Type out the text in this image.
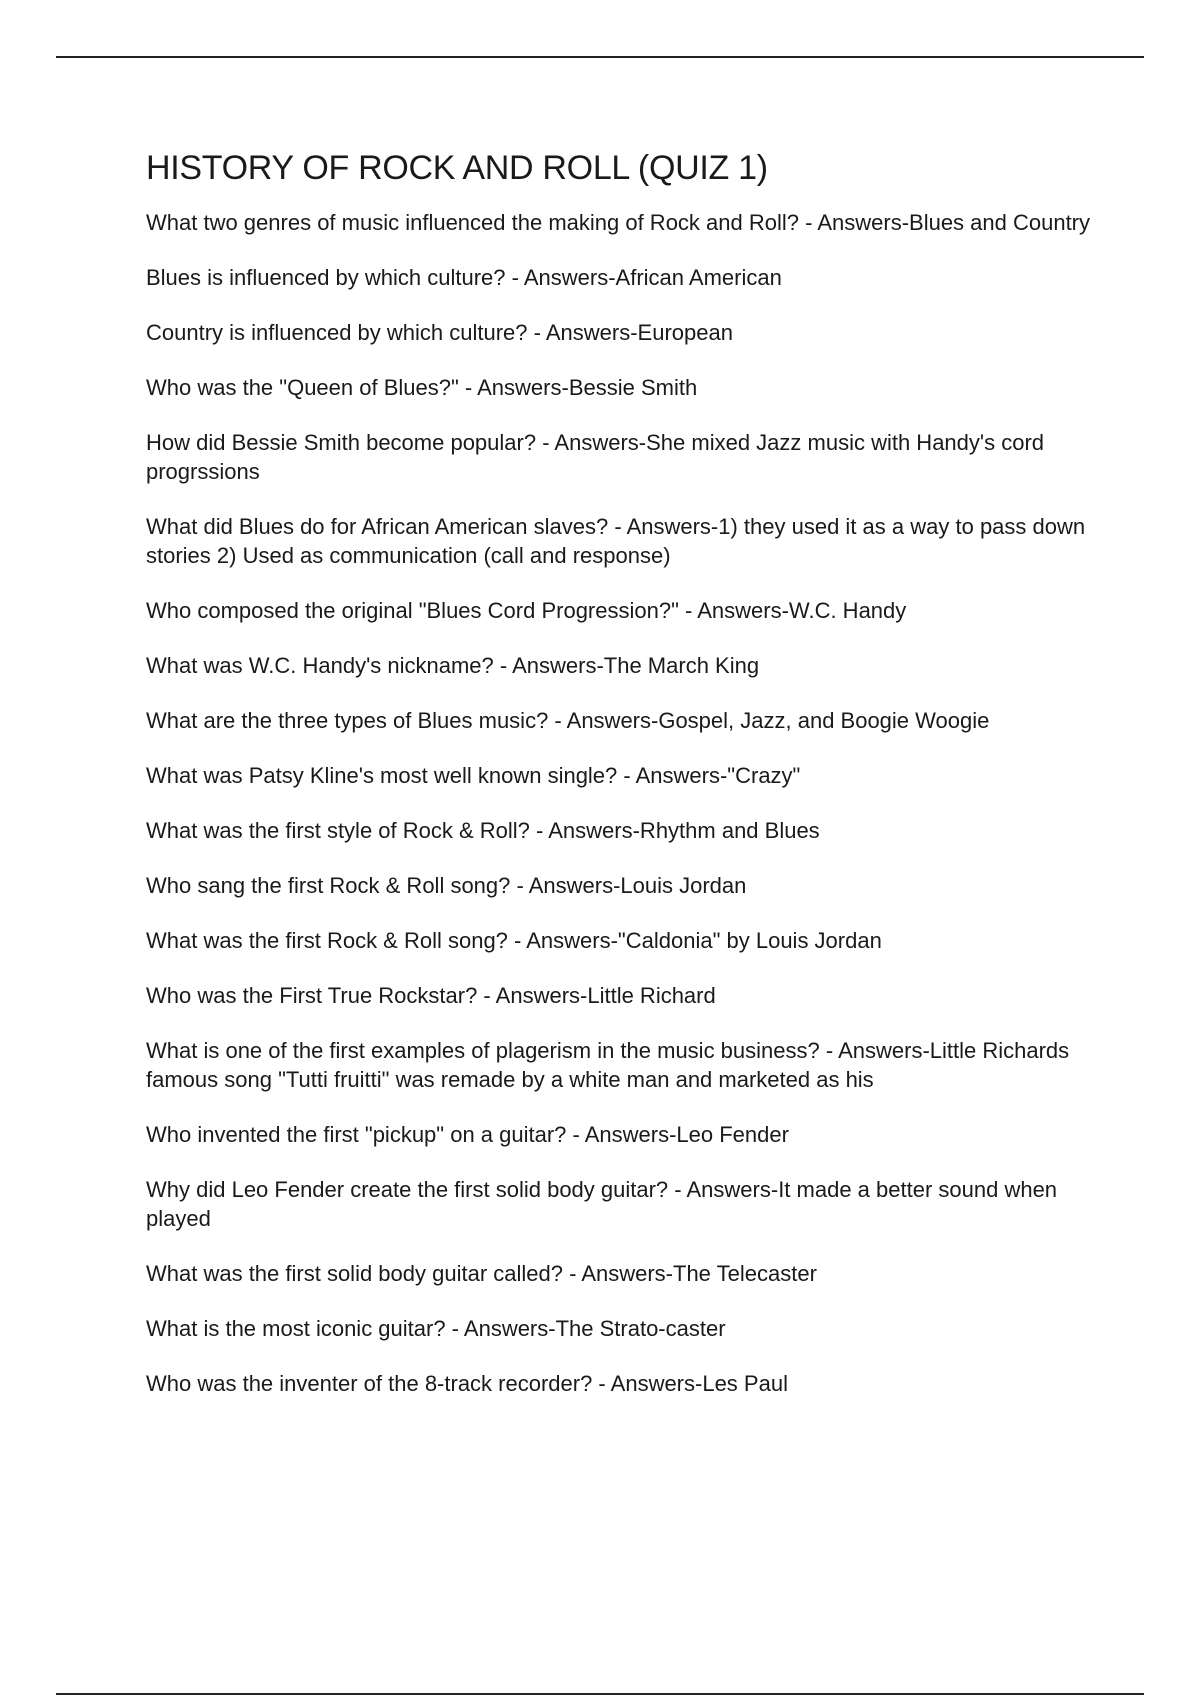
HISTORY OF ROCK AND ROLL (QUIZ 1)
What two genres of music influenced the making of Rock and Roll? - Answers-Blues and Country
Blues is influenced by which culture? - Answers-African American
Country is influenced by which culture? - Answers-European
Who was the "Queen of Blues?" - Answers-Bessie Smith
How did Bessie Smith become popular? - Answers-She mixed Jazz music with Handy's cord progrssions
What did Blues do for African American slaves? - Answers-1) they used it as a way to pass down stories 2) Used as communication (call and response)
Who composed the original "Blues Cord Progression?" - Answers-W.C. Handy
What was W.C. Handy's nickname? - Answers-The March King
What are the three types of Blues music? - Answers-Gospel, Jazz, and Boogie Woogie
What was Patsy Kline's most well known single? - Answers-"Crazy"
What was the first style of Rock & Roll? - Answers-Rhythm and Blues
Who sang the first Rock & Roll song? - Answers-Louis Jordan
What was the first Rock & Roll song? - Answers-"Caldonia" by Louis Jordan
Who was the First True Rockstar? - Answers-Little Richard
What is one of the first examples of plagerism in the music business? - Answers-Little Richards famous song "Tutti fruitti" was remade by a white man and marketed as his
Who invented the first "pickup" on a guitar? - Answers-Leo Fender
Why did Leo Fender create the first solid body guitar? - Answers-It made a better sound when played
What was the first solid body guitar called? - Answers-The Telecaster
What is the most iconic guitar? - Answers-The Strato-caster
Who was the inventer of the 8-track recorder? - Answers-Les Paul
